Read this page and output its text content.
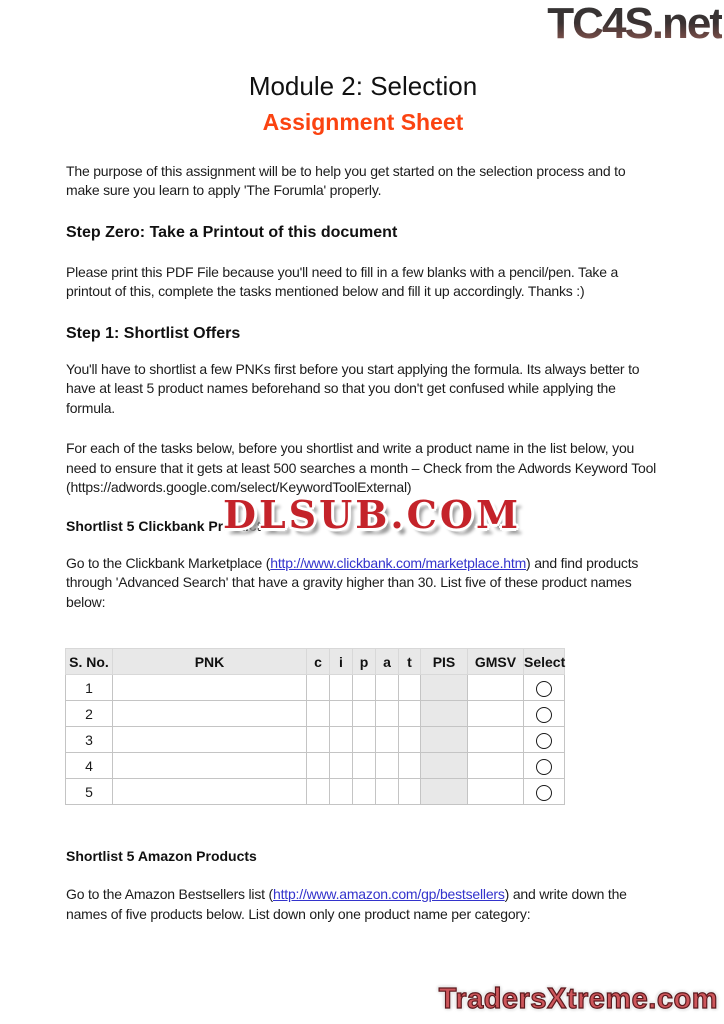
TC4S.net
Module 2: Selection
Assignment Sheet

The purpose of this assignment will be to help you get started on the selection process and to make sure you learn to apply 'The Forumla' properly.

Step Zero: Take a Printout of this document

Please print this PDF File because you'll need to fill in a few blanks with a pencil/pen. Take a printout of this, complete the tasks mentioned below and fill it up accordingly. Thanks :)

Step 1: Shortlist Offers

You'll have to shortlist a few PNKs first before you start applying the formula. Its always better to have at least 5 product names beforehand so that you don't get confused while applying the formula.

For each of the tasks below, before you shortlist and write a product name in the list below, you need to ensure that it gets at least 500 searches a month – Check from the Adwords Keyword Tool (https://adwords.google.com/select/KeywordToolExternal)

Shortlist 5 Clickbank Products

Go to the Clickbank Marketplace (http://www.clickbank.com/marketplace.htm) and find products through 'Advanced Search' that have a gravity higher than 30. List five of these product names below:

S. No.	PNK	c	i	p	a	t	PIS	GMSV	Select
1									
2									
3									
4									
5									
Shortlist 5 Amazon Products

Go to the Amazon Bestsellers list (http://www.amazon.com/gp/bestsellers) and write down the names of five products below. List down only one product name per category:

DLSUB.COM
TradersXtreme.com
